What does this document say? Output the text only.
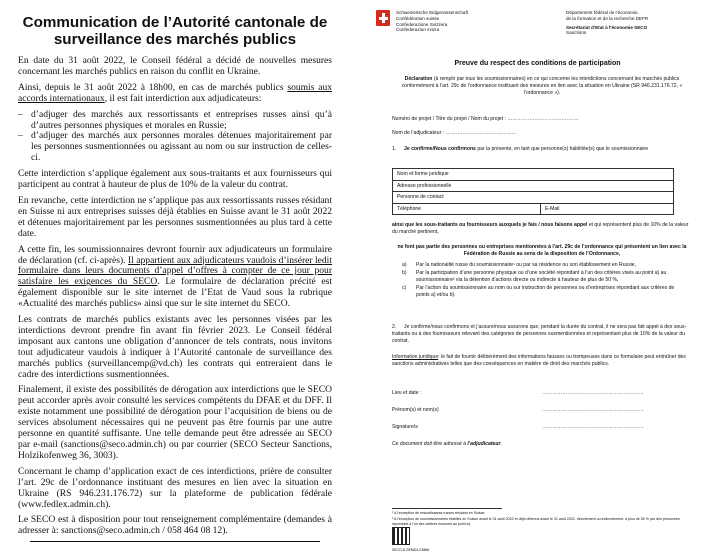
Communication de l’Autorité cantonale de surveillance des marchés publics

En date du 31 août 2022, le Conseil fédéral a décidé de nouvelles mesures concernant les marchés publics en raison du conflit en Ukraine.

Ainsi, depuis le 31 août 2022 à 18h00, en cas de marchés publics soumis aux accords internationaux, il est fait interdiction aux adjudicateurs:

– d’adjuger des marchés aux ressortissants et entreprises russes ainsi qu’à d’autres personnes physiques et morales en Russie;
– d’adjuger des marchés aux personnes morales détenues majoritairement par les personnes susmentionnées ou agissant au nom ou sur instruction de celles-ci.

Cette interdiction s’applique également aux sous-traitants et aux fournisseurs qui participent au contrat à hauteur de plus de 10% de la valeur du contrat.

En revanche, cette interdiction ne s’applique pas aux ressortissants russes résidant en Suisse ni aux entreprises suisses déjà établies en Suisse avant le 31 août 2022 et détenues majoritairement par les personnes susmentionnées au plus tard à cette date.

A cette fin, les soumissionnaires devront fournir aux adjudicateurs un formulaire de déclaration (cf. ci-après). Il appartient aux adjudicateurs vaudois d’insérer ledit formulaire dans leurs documents d’appel d’offres à compter de ce jour pour satisfaire les exigences du SECO. Le formulaire de déclaration précité est également disponible sur le site internet de l’Etat de Vaud sous la rubrique «Actualité des marchés publics» ainsi que sur le site internet du SECO.

Les contrats de marchés publics existants avec les personnes visées par les interdictions devront prendre fin avant fin février 2023. Le Conseil fédéral imposant aux cantons une obligation d’annoncer de tels contrats, nous invitons tout adjudicateur vaudois à indiquer à l’Autorité cantonale de surveillance des marchés publics (surveillancemp@vd.ch) les contrats qui entreraient dans le cadre des interdictions susmentionnées.

Finalement, il existe des possibilités de dérogation aux interdictions que le SECO peut accorder après avoir consulté les services compétents du DFAE et du DFF. Il existe notamment une possibilité de dérogation pour l’acquisition de biens ou de services absolument nécessaires qui ne peuvent pas être fournis par une autre personne en quantité suffisante. Une telle demande peut être adressée au SECO par e-mail (sanctions@seco.admin.ch) ou par courrier (SECO Secteur Sanctions, Holzikofenweg 36, 3003).

Concernant le champ d’application exact de ces interdictions, prière de consulter l’art. 29c de l’ordonnance instituant des mesures en lien avec la situation en Ukraine (RS 946.231.176.72) sur la plateforme de publication fédérale (www.fedlex.admin.ch).

Le SECO est à disposition pour tout renseignement complémentaire (demandes à adresser à: sanctions@seco.admin.ch / 058 464 08 12).

Schweizerische Eidgenossenschaft
Confédération suisse
Confederazione Svizzera
Confederaziun svizra
Département fédéral de l’économie,
de la formation et de la recherche DEFR
Secrétariat d’Etat à l’économie SECO
Sanctions
Preuve du respect des conditions de participation
Déclaration (à remplir par tous les soumissionnaires) en ce qui concerne les interdictions concernant les marchés publics conformément à l’art. 29c de l’ordonnance instituant des mesures en lien avec la situation en Ukraine (SR 946.231.176.72, « l’ordonnance »).
Numéro de projet / Titre du projet / Nom du projet : ……………………………………
Nom de l’adjudicateur : ……………………………………
1. Je confirme/Nous confirmons par la présente, en tant que personne(s) habilitée(s) que le soumissionnaire
Nom et forme juridique
Adresse professionnelle
Personne de contact
Téléphone	E-Mail
ainsi que les sous-traitants ou fournisseurs auxquels je fais / nous faisons appel et qui représentent plus de 10% de la valeur du marché pertinent,
ne font pas partie des personnes ou entreprises mentionnées à l’art. 29c de l’ordonnance qui présentent un lien avec la Fédération de Russie au sens de la disposition de l’Ordonnance,
a) Par la nationalité russe du soumissionnaire¹ ou par sa résidence ou son établissement en Russie,
b) Par la participation d’une personne physique ou d’une société répondant à l’un des critères visés au point a) au soumissionnaire² via la détention d’actions directe ou indirecte à hauteur de plus de 50 %,
c) Par l’action du soumissionnaire au nom ou sur instruction de personnes ou d’entreprises répondant aux critères de points a) et/ou b).
2. Je confirme/nous confirmons et j’assure/nous assurons que, pendant la durée du contrat, il ne sera pas fait appel à des sous-traitants ou à des fournisseurs relevant des catégories de personnes susmentionnées et représentant plus de 10% de la valeur du contrat.
Information juridique: le fait de fournir délibérément des informations fausses ou trompeuses dans ce formulaire peut entraîner des sanctions administratives telles que des conséquences en matière de droit des marchés publics.
Lieu et date :	……………………………………………………
Prénom(s) et nom(s)	……………………………………………………
Signature/s	……………………………………………………
Ce document doit être adressé à l’adjudicateur.
¹ A l’exception de ressortissants russes résidant en Suisse.
² A l’exception de soumissionnaires établies en Suisse avant le 31 août 2022 et déjà détenus avant le 31 août 2022, directement ou indirectement, à plus de 50 % par des personnes répondant à l’un des critères énoncés au point a).
SECO-D-SEMDA-E5866
